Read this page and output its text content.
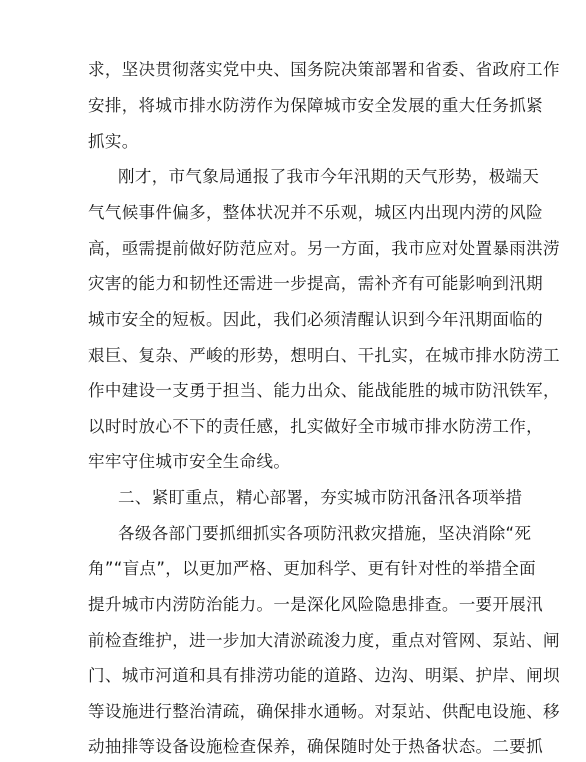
求，坚决贯彻落实党中央、国务院决策部署和省委、省政府工作
安排，将城市排水防涝作为保障城市安全发展的重大任务抓紧
抓实。
刚才，市气象局通报了我市今年汛期的天气形势，极端天
气气候事件偏多，整体状况并不乐观，城区内出现内涝的风险
高，亟需提前做好防范应对。另一方面，我市应对处置暴雨洪涝
灾害的能力和韧性还需进一步提高，需补齐有可能影响到汛期
城市安全的短板。因此，我们必须清醒认识到今年汛期面临的
艰巨、复杂、严峻的形势，想明白、干扎实，在城市排水防涝工
作中建设一支勇于担当、能力出众、能战能胜的城市防汛铁军，
以时时放心不下的责任感，扎实做好全市城市排水防涝工作，
牢牢守住城市安全生命线。
二、紧盯重点，精心部署，夯实城市防汛备汛各项举措
各级各部门要抓细抓实各项防汛救灾措施，坚决消除“死
角”“盲点”，以更加严格、更加科学、更有针对性的举措全面
提升城市内涝防治能力。一是深化风险隐患排查。一要开展汛
前检查维护，进一步加大清淤疏浚力度，重点对管网、泵站、闸
门、城市河道和具有排涝功能的道路、边沟、明渠、护岸、闸坝
等设施进行整治清疏，确保排水通畅。对泵站、供配电设施、移
动抽排等设备设施检查保养，确保随时处于热备状态。二要抓
